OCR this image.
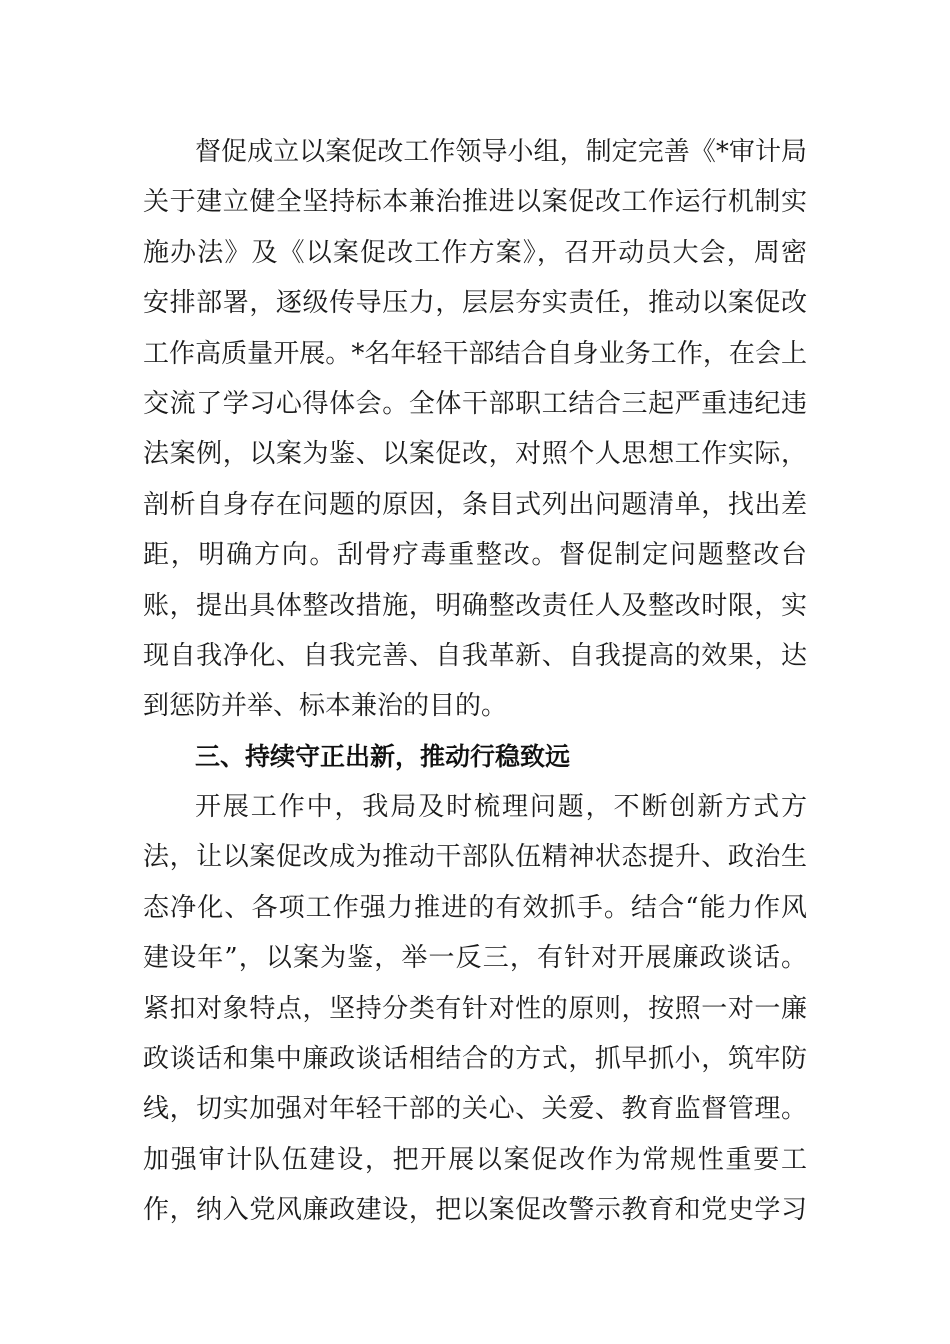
督促成立以案促改工作领导小组，制定完善《*审计局
关于建立健全坚持标本兼治推进以案促改工作运行机制实
施办法》及《以案促改工作方案》，召开动员大会，周密
安排部署，逐级传导压力，层层夯实责任，推动以案促改
工作高质量开展。*名年轻干部结合自身业务工作，在会上
交流了学习心得体会。全体干部职工结合三起严重违纪违
法案例，以案为鉴、以案促改，对照个人思想工作实际，
剖析自身存在问题的原因，条目式列出问题清单，找出差
距，明确方向。刮骨疗毒重整改。督促制定问题整改台
账，提出具体整改措施，明确整改责任人及整改时限，实
现自我净化、自我完善、自我革新、自我提高的效果，达
到惩防并举、标本兼治的目的。
三、持续守正出新，推动行稳致远
开展工作中，我局及时梳理问题，不断创新方式方
法，让以案促改成为推动干部队伍精神状态提升、政治生
态净化、各项工作强力推进的有效抓手。结合“能力作风
建设年”，以案为鉴，举一反三，有针对开展廉政谈话。
紧扣对象特点，坚持分类有针对性的原则，按照一对一廉
政谈话和集中廉政谈话相结合的方式，抓早抓小，筑牢防
线，切实加强对年轻干部的关心、关爱、教育监督管理。
加强审计队伍建设，把开展以案促改作为常规性重要工
作，纳入党风廉政建设，把以案促改警示教育和党史学习
